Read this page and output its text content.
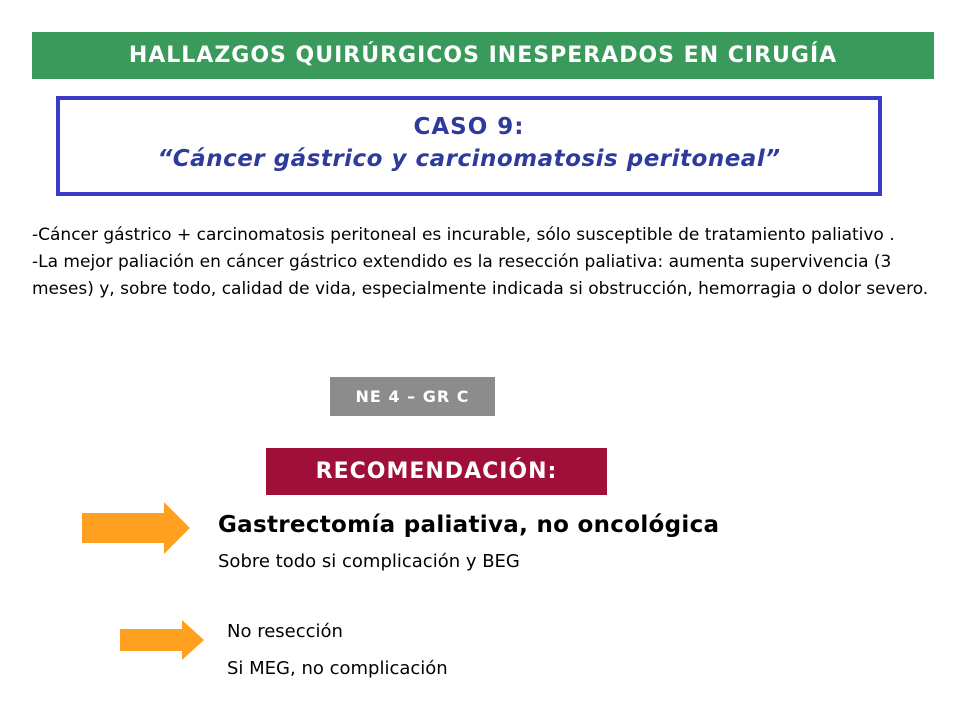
HALLAZGOS QUIRÚRGICOS INESPERADOS EN CIRUGÍA
CASO 9:
“Cáncer gástrico y carcinomatosis peritoneal”

-Cáncer gástrico + carcinomatosis peritoneal es incurable, sólo susceptible de tratamiento paliativo .

-La mejor paliación en cáncer gástrico extendido es la resección paliativa: aumenta supervivencia (3 meses) y, sobre todo, calidad de vida, especialmente indicada si obstrucción, hemorragia o dolor severo.

NE 4 – GR C
RECOMENDACIÓN:
Gastrectomía paliativa, no oncológica
Sobre todo si complicación y BEG
No resección
Si MEG, no complicación
